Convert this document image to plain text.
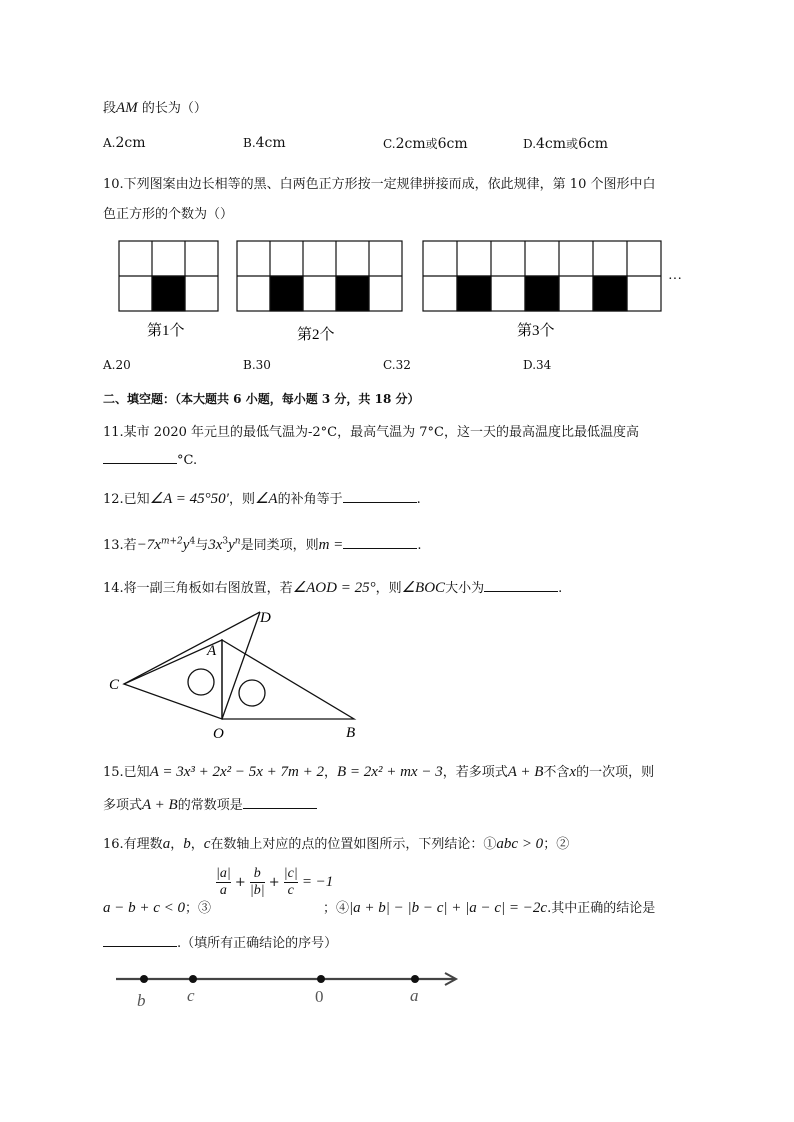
段AM 的长为（）
A.2cm	B.4cm	C.2cm或6cm	D.4cm或6cm
10.下列图案由边长相等的黑、白两色正方形按一定规律拼接而成，依此规律，第 10 个图形中白
色正方形的个数为（）
···
第1个	第2个	第3个
A.20	B.30	C.32	D.34
二、填空题：（本大题共 6 小题，每小题 3 分，共 18 分）
11.某市 2020 年元旦的最低气温为-2°C，最高气温为 7°C，这一天的最高温度比最低温度高
°C.
12.已知∠A = 45°50′，则∠A的补角等于	.
13.若$-7x^{m+2}y^4$与$3x^3y^n$是同类项，则m =	.
14.将一副三角板如右图放置，若∠AOD = 25°，则∠BOC大小为	.
C
A
D
O	B
15.已知A = 3x³ + 2x² − 5x + 7m + 2，B = 2x² + mx − 3，若多项式A + B不含x的一次项，则
多项式A + B的常数项是
16.有理数a，b，c在数轴上对应的点的位置如图所示，下列结论：①abc > 0；②
a − b + c < 0；③
$\frac{|a|}{a} + \frac{b}{|b|} + \frac{|c|}{c} = -1$
；④|a + b| − |b − c| + |a − c| = −2c.其中正确的结论是
.（填所有正确结论的序号）
b c	0	a
